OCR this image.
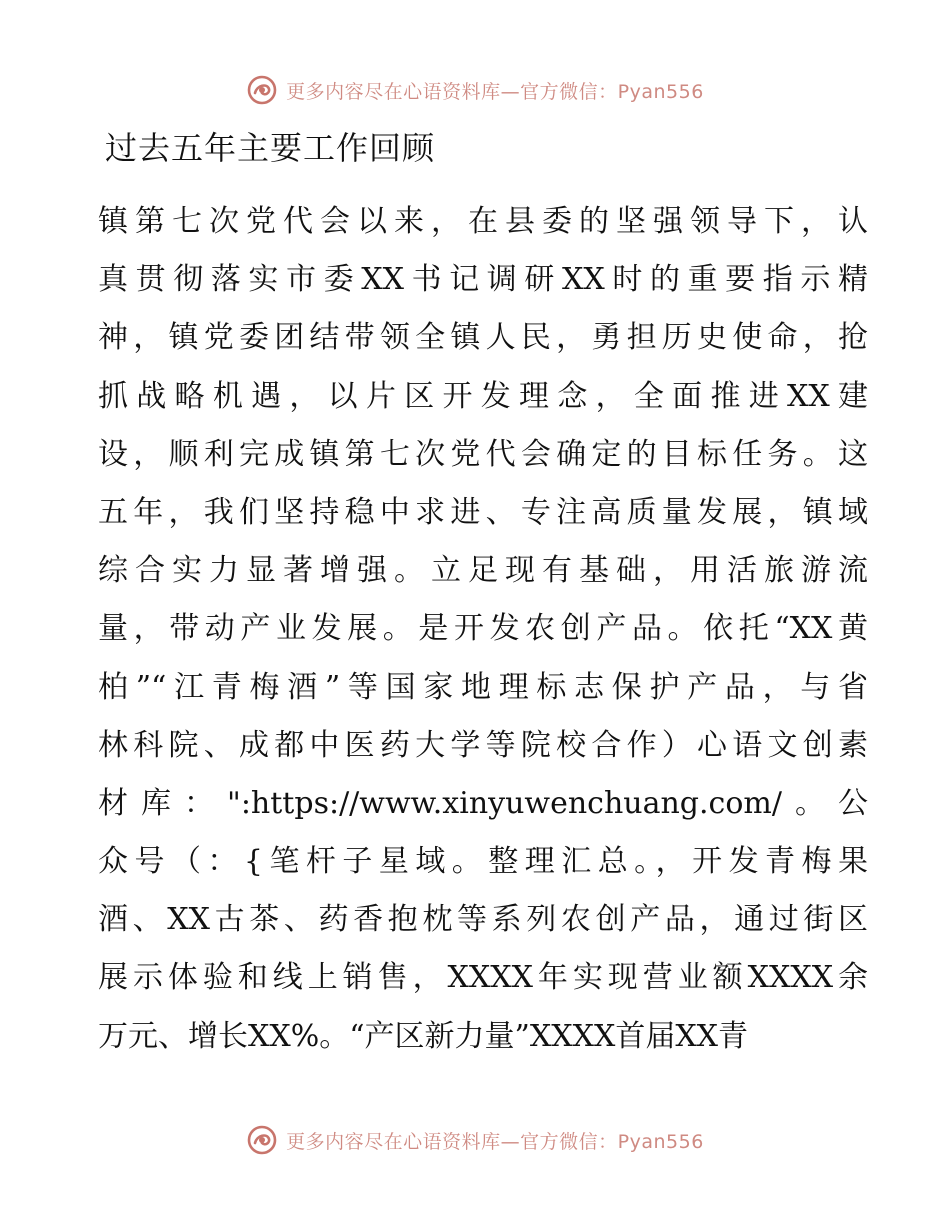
更多内容尽在心语资料库—官方微信：Pyan556
过去五年主要工作回顾
镇第七次党代会以来，在县委的坚强领导下，认
真贯彻落实市委XX书记调研XX时的重要指示精
神，镇党委团结带领全镇人民，勇担历史使命，抢
抓战略机遇，以片区开发理念，全面推进XX建
设，顺利完成镇第七次党代会确定的目标任务。这
五年，我们坚持稳中求进、专注高质量发展，镇域
综合实力显著增强。立足现有基础，用活旅游流
量，带动产业发展。是开发农创产品。依托“XX黄
柏”“江青梅酒”等国家地理标志保护产品，与省
林科院、成都中医药大学等院校合作）心语文创素
材库：":https://www.xinyuwenchuang.com/。公
众号（：{笔杆子星域。整理汇总。，开发青梅果
酒、XX古茶、药香抱枕等系列农创产品，通过街区
展示体验和线上销售，XXXX年实现营业额XXXX余
万元、增长XX%。“产区新力量”XXXX首届XX青
更多内容尽在心语资料库—官方微信：Pyan556
